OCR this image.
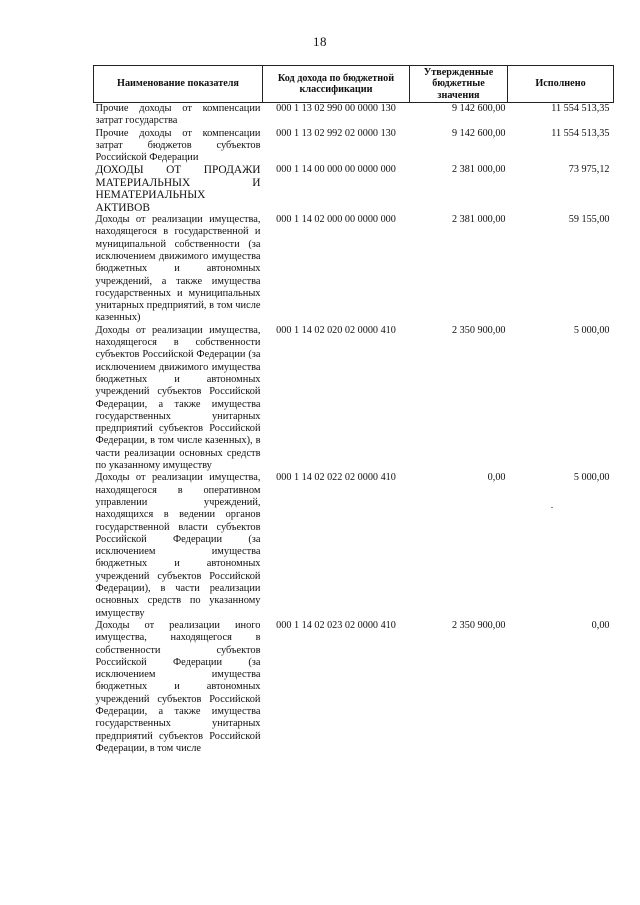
18
Наименование показателя	Код дохода по бюджетной классификации	Утвержденные бюджетные значения	Исполнено
Прочие доходы от компенсации затрат государства	000 1 13 02 990 00 0000 130	9 142 600,00	11 554 513,35
Прочие доходы от компенсации затрат бюджетов субъектов Российской Федерации	000 1 13 02 992 02 0000 130	9 142 600,00	11 554 513,35
ДОХОДЫ ОТ ПРОДАЖИ МАТЕРИАЛЬНЫХ И НЕМАТЕРИАЛЬНЫХ АКТИВОВ	000 1 14 00 000 00 0000 000	2 381 000,00	73 975,12
Доходы от реализации имущества, находящегося в государственной и муниципальной собственности (за исключением движимого имущества бюджетных и автономных учреждений, а также имущества государственных и муниципальных унитарных предприятий, в том числе казенных)	000 1 14 02 000 00 0000 000	2 381 000,00	59 155,00
Доходы от реализации имущества, находящегося в собственности субъектов Российской Федерации (за исключением движимого имущества бюджетных и автономных учреждений субъектов Российской Федерации, а также имущества государственных унитарных предприятий субъектов Российской Федерации, в том числе казенных), в части реализации основных средств по указанному имуществу	000 1 14 02 020 02 0000 410	2 350 900,00	5 000,00
Доходы от реализации имущества, находящегося в оперативном управлении учреждений, находящихся в ведении органов государственной власти субъектов Российской Федерации (за исключением имущества бюджетных и автономных учреждений субъектов Российской Федерации), в части реализации основных средств по указанному имуществу	000 1 14 02 022 02 0000 410	0,00	5 000,00
Доходы от реализации иного имущества, находящегося в собственности субъектов Российской Федерации (за исключением имущества бюджетных и автономных учреждений субъектов Российской Федерации, а также имущества государственных унитарных предприятий субъектов Российской Федерации, в том числе	000 1 14 02 023 02 0000 410	2 350 900,00	0,00
